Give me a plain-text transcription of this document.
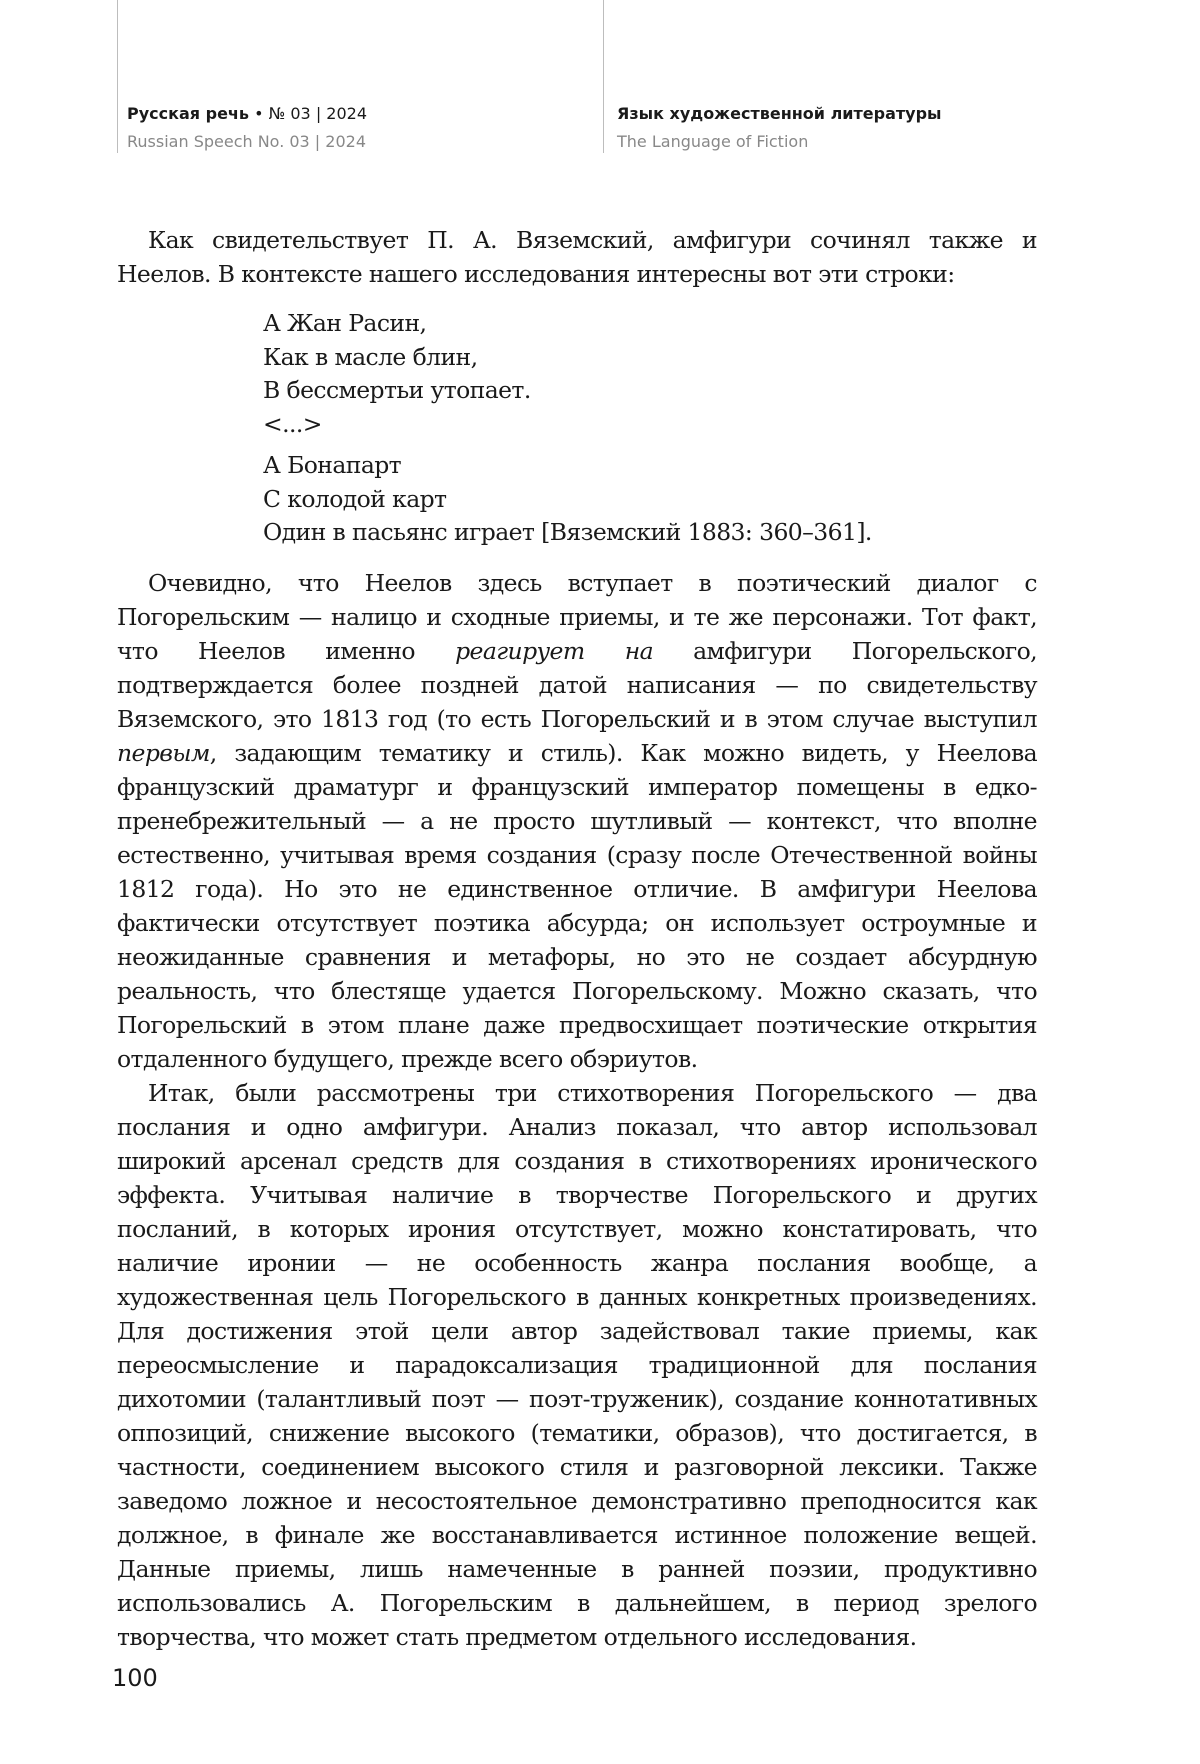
Русская речь • № 03 | 2024
Russian Speech No. 03 | 2024
Язык художественной литературы
The Language of Fiction

Как свидетельствует П. А. Вяземский, амфигури сочинял также и Неелов. В контексте нашего исследования интересны вот эти строки:

А Жан Расин,
Как в масле блин,
В бессмертьи утопает.
<...>
А Бонапарт
С колодой карт
Один в пасьянс играет [Вяземский 1883: 360–361].

Очевидно, что Неелов здесь вступает в поэтический диалог с Погорельским — налицо и сходные приемы, и те же персонажи. Тот факт, что Неелов именно реагирует на амфигури Погорельского, подтверждается более поздней датой написания — по свидетельству Вяземского, это 1813 год (то есть Погорельский и в этом случае выступил первым, задающим тематику и стиль). Как можно видеть, у Неелова французский драматург и французский император помещены в едко-пренебрежительный — а не просто шутливый — контекст, что вполне естественно, учитывая время создания (сразу после Отечественной войны 1812 года). Но это не единственное отличие. В амфигури Неелова фактически отсутствует поэтика абсурда; он использует остроумные и неожиданные сравнения и метафоры, но это не создает абсурдную реальность, что блестяще удается Погорельскому. Можно сказать, что Погорельский в этом плане даже предвосхищает поэтические открытия отдаленного будущего, прежде всего обэриутов.

Итак, были рассмотрены три стихотворения Погорельского — два послания и одно амфигури. Анализ показал, что автор использовал широкий арсенал средств для создания в стихотворениях иронического эффекта. Учитывая наличие в творчестве Погорельского и других посланий, в которых ирония отсутствует, можно констатировать, что наличие иронии — не особенность жанра послания вообще, а художественная цель Погорельского в данных конкретных произведениях. Для достижения этой цели автор задействовал такие приемы, как переосмысление и парадоксализация традиционной для послания дихотомии (талантливый поэт — поэт-труженик), создание коннотативных оппозиций, снижение высокого (тематики, образов), что достигается, в частности, соединением высокого стиля и разговорной лексики. Также заведомо ложное и несостоятельное демонстративно преподносится как должное, в финале же восстанавливается истинное положение вещей. Данные приемы, лишь намеченные в ранней поэзии, продуктивно использовались А. Погорельским в дальнейшем, в период зрелого творчества, что может стать предметом отдельного исследования.

100
